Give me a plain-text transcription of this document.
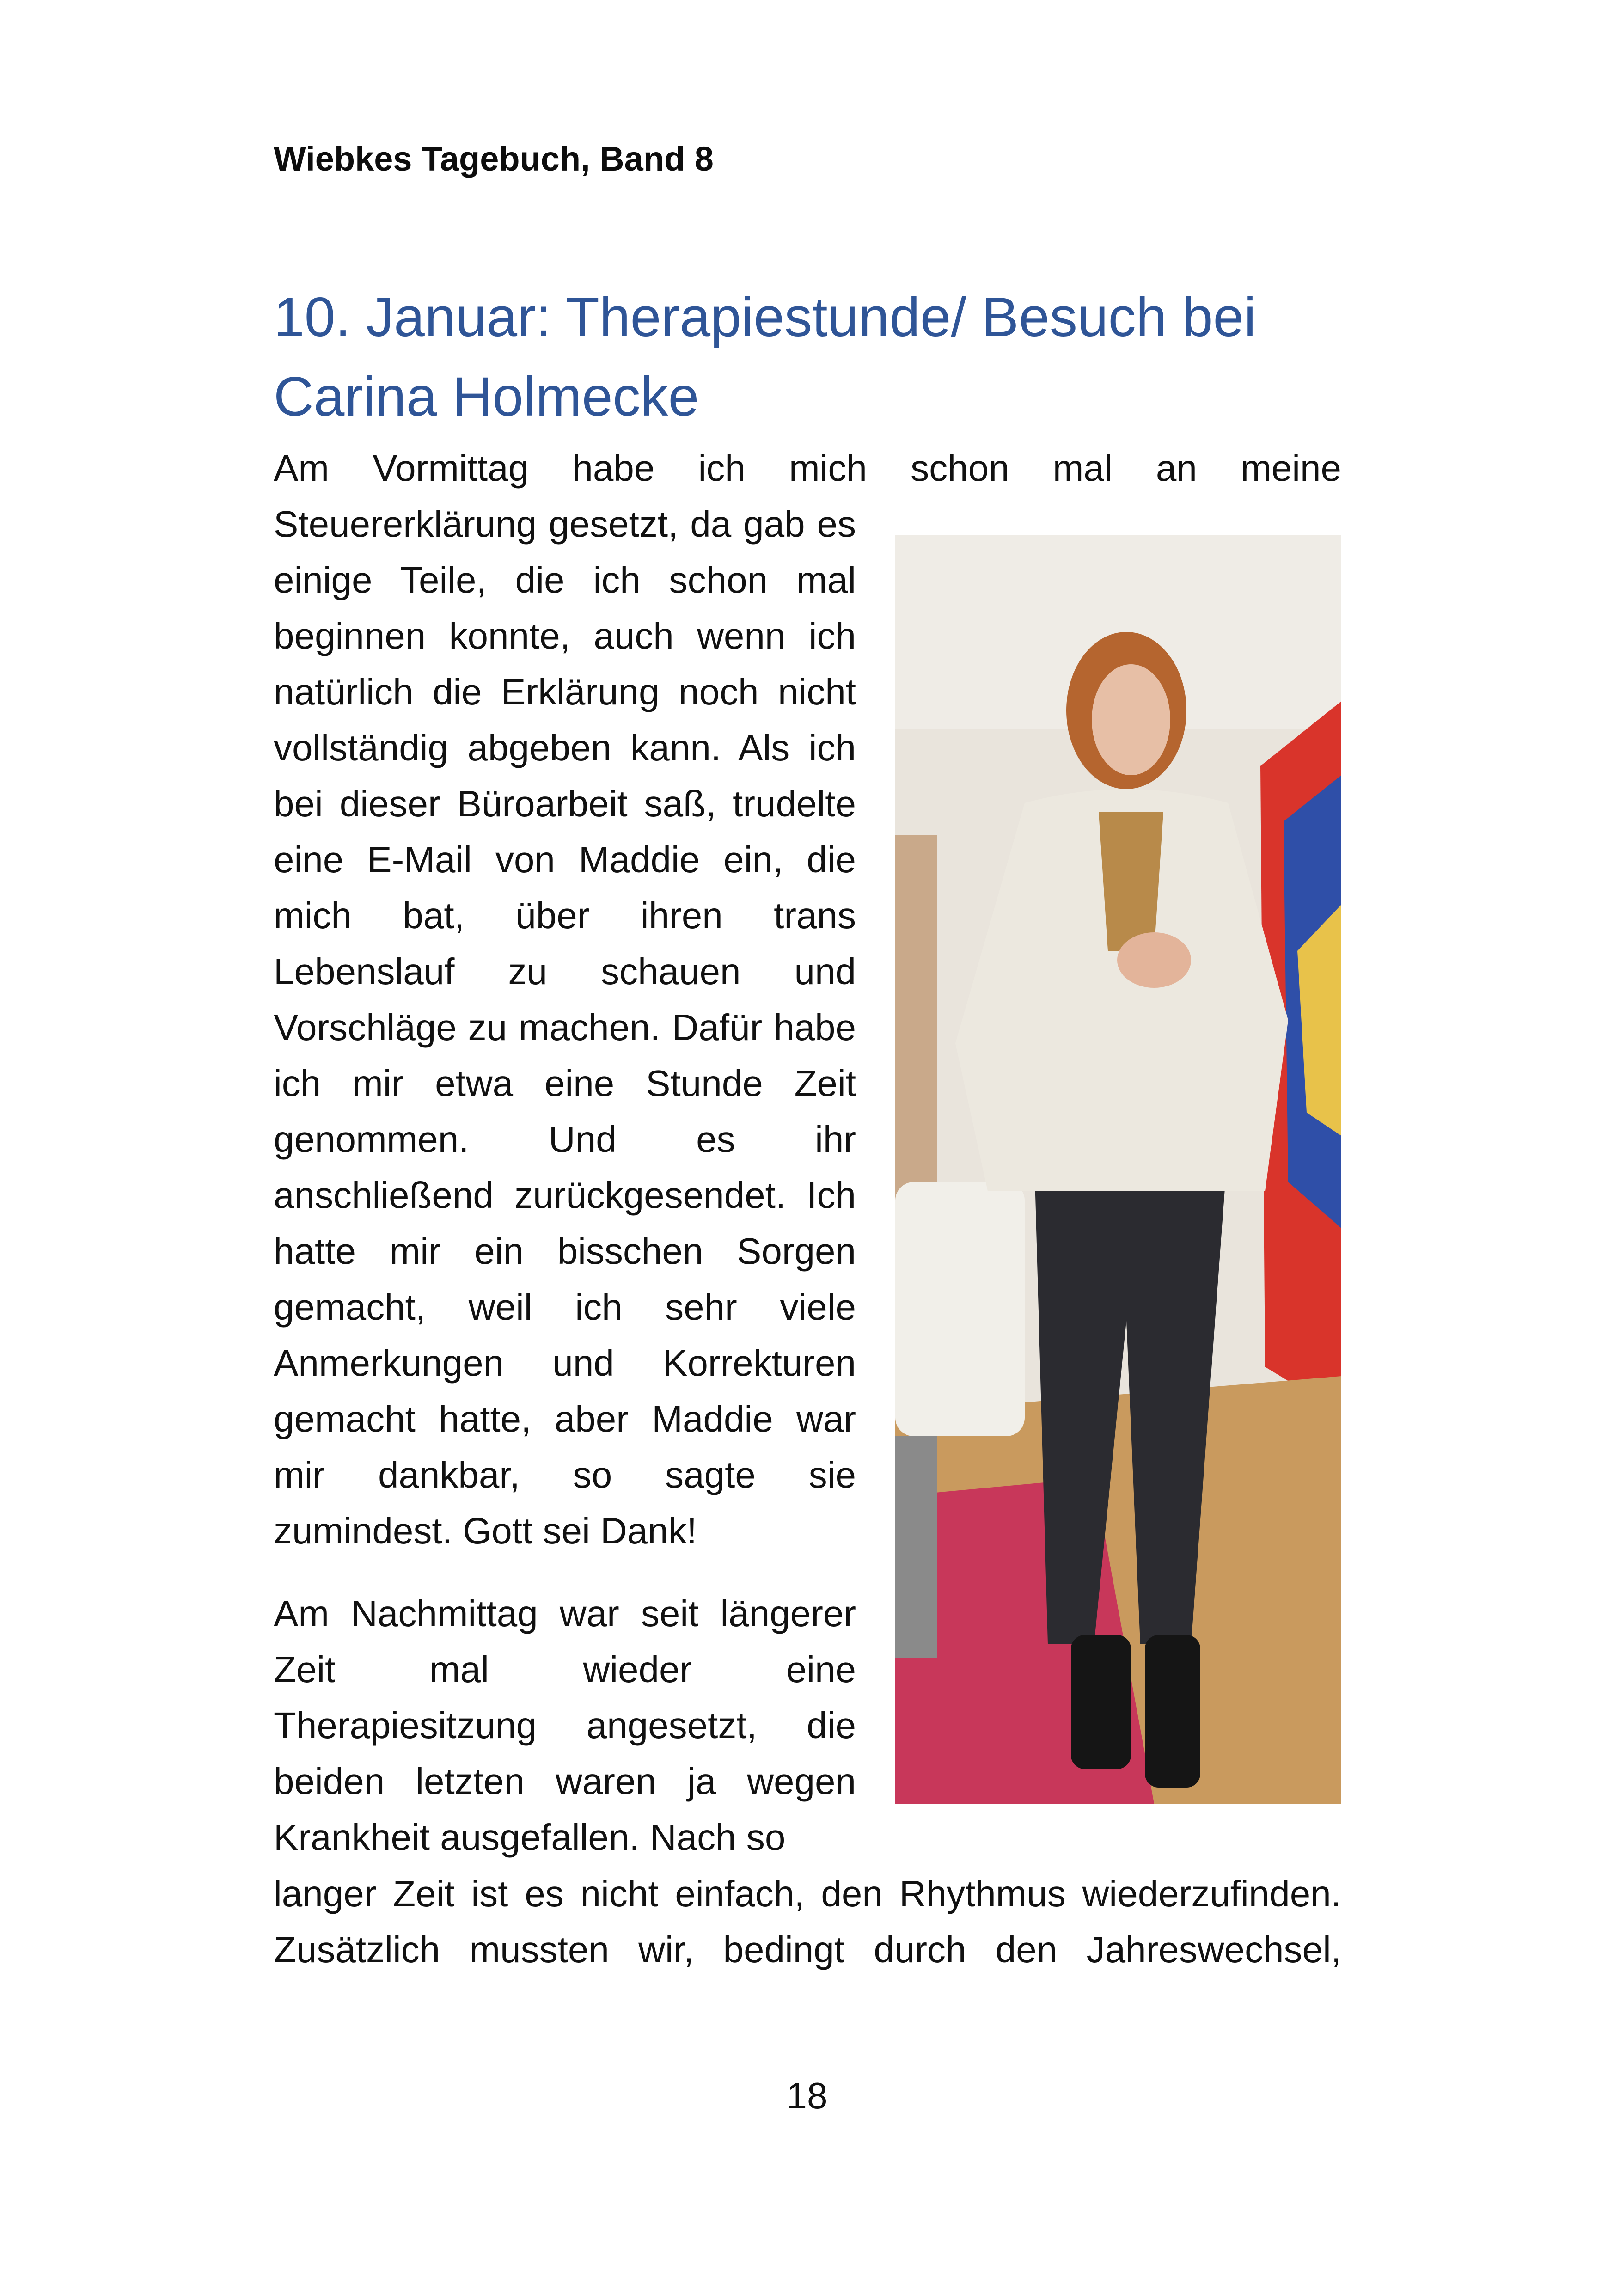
Wiebkes Tagebuch, Band 8
10. Januar: Therapiestunde/ Besuch bei Carina Holmecke

Am Vormittag habe ich mich schon mal an meine

Steuererklärung gesetzt, da gab es einige Teile, die ich schon mal beginnen konnte, auch wenn ich natürlich die Erklärung noch nicht vollständig abgeben kann. Als ich bei dieser Büroarbeit saß, trudelte eine E-Mail von Maddie ein, die mich bat, über ihren trans Lebenslauf zu schauen und Vorschläge zu machen. Dafür habe ich mir etwa eine Stunde Zeit genommen. Und es ihr anschließend zurückgesendet. Ich hatte mir ein bisschen Sorgen gemacht, weil ich sehr viele Anmerkungen und Korrekturen gemacht hatte, aber Maddie war mir dankbar, so sagte sie zumindest. Gott sei Dank!

Am Nachmittag war seit längerer Zeit mal wieder eine Therapiesitzung angesetzt, die beiden letzten waren ja wegen Krankheit ausgefallen. Nach so

langer Zeit ist es nicht einfach, den Rhythmus wiederzufinden. Zusätzlich mussten wir, bedingt durch den Jahreswechsel,

18
